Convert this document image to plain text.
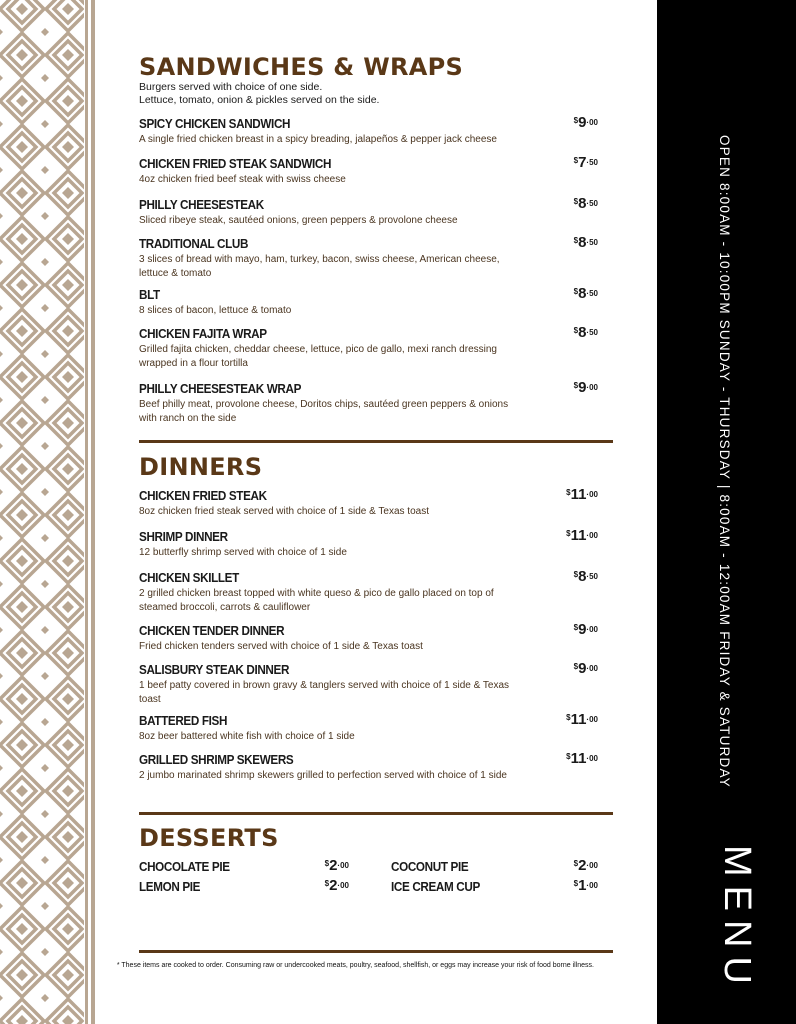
OPEN 8:00AM - 10:00PM SUNDAY - THURSDAY | 8:00AM - 12:00AM FRIDAY & SATURDAY
MENU
SANDWICHES & WRAPS
Burgers served with choice of one side.
Lettuce, tomato, onion & pickles served on the side.
DINNERS
DESSERTS
* These items are cooked to order. Consuming raw or undercooked meats, poultry, seafood, shellfish, or eggs may increase your risk of food borne illness.
SPICY CHICKEN SANDWICH
A single fried chicken breast in a spicy breading, jalapeños & pepper jack cheese
$9·00
CHICKEN FRIED STEAK SANDWICH
4oz chicken fried beef steak with swiss cheese
$7·50
PHILLY CHEESESTEAK
Sliced ribeye steak, sautéed onions, green peppers & provolone cheese
$8·50
TRADITIONAL CLUB
3 slices of bread with mayo, ham, turkey, bacon, swiss cheese, American cheese, lettuce & tomato
$8·50
BLT
8 slices of bacon, lettuce & tomato
$8·50
CHICKEN FAJITA WRAP
Grilled fajita chicken, cheddar cheese, lettuce, pico de gallo, mexi ranch dressing wrapped in a flour tortilla
$8·50
PHILLY CHEESESTEAK WRAP
Beef philly meat, provolone cheese, Doritos chips, sautéed green peppers & onions with ranch on the side
$9·00
CHICKEN FRIED STEAK
8oz chicken fried steak served with choice of 1 side & Texas toast
$11·00
SHRIMP DINNER
12 butterfly shrimp served with choice of 1 side
$11·00
CHICKEN SKILLET
2 grilled chicken breast topped with white queso & pico de gallo placed on top of steamed broccoli, carrots & cauliflower
$8·50
CHICKEN TENDER DINNER
Fried chicken tenders served with choice of 1 side & Texas toast
$9·00
SALISBURY STEAK DINNER
1 beef patty covered in brown gravy & tanglers served with choice of 1 side & Texas toast
$9·00
BATTERED FISH
8oz beer battered white fish with choice of 1 side
$11·00
GRILLED SHRIMP SKEWERS
2 jumbo marinated shrimp skewers grilled to perfection served with choice of 1 side
$11·00
CHOCOLATE PIE	$2·00	COCONUT PIE	$2·00
LEMON PIE	$2·00	ICE CREAM CUP	$1·00
